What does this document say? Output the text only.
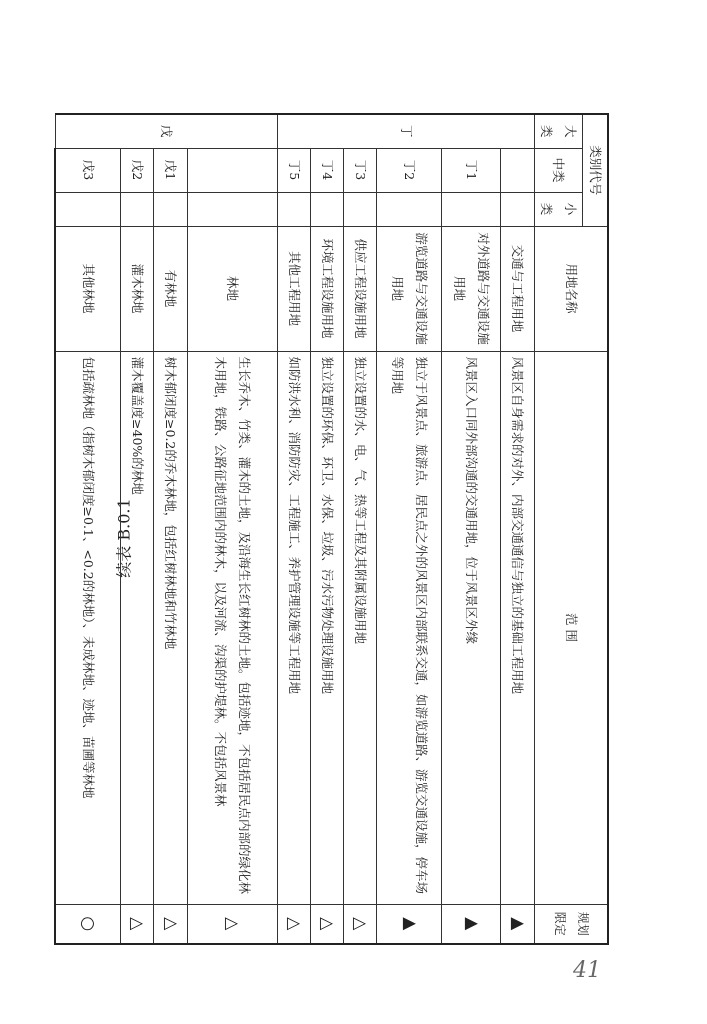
续表 B.0.1
类别代号			用地名称	范 围	规划限定
大类	中类	小类			
丁			交通与工程用地	风景区自身需求的对外、内部交通通信与独立的基础工程用地	▲
	丁1		对外道路与交通设施用地	风景区入口同外部沟通的交通用地，位于风景区外缘	▲
	丁2		游览道路与交通设施用地	独立于风景点、旅游点、居民点之外的风景区内部联系交通，如游览道路、游览交通设施，停车场等用地	▲
	丁3		供应工程设施用地	独立设置的水、电、气、热等工程及其附属设施用地	△
	丁4		环境工程设施用地	独立设置的环保、环卫、水保、垃圾、污水污物处理设施用地	△
	丁5		其他工程用地	如防洪水利、消防防灾、工程施工、养护管理设施等工程用地	△
戊			林地	生长乔木、竹类、灌木的土地，及沿海生长红树林的土地。包括迹地，不包括居民点内部的绿化林木用地，铁路、公路征地范围内的林木，以及河流、沟渠的护堤林。不包括风景林	△
	戊1		有林地	树木郁闭度≥0.2的乔木林地，包括红树林地和竹林地	△
	戊2		灌木林地	灌木覆盖度≥40%的林地	△
	戊3		其他林地	包括疏林地（指树木郁闭度≥0.1、<0.2的林地）、未成林地、迹地、苗圃等林地	○
41
